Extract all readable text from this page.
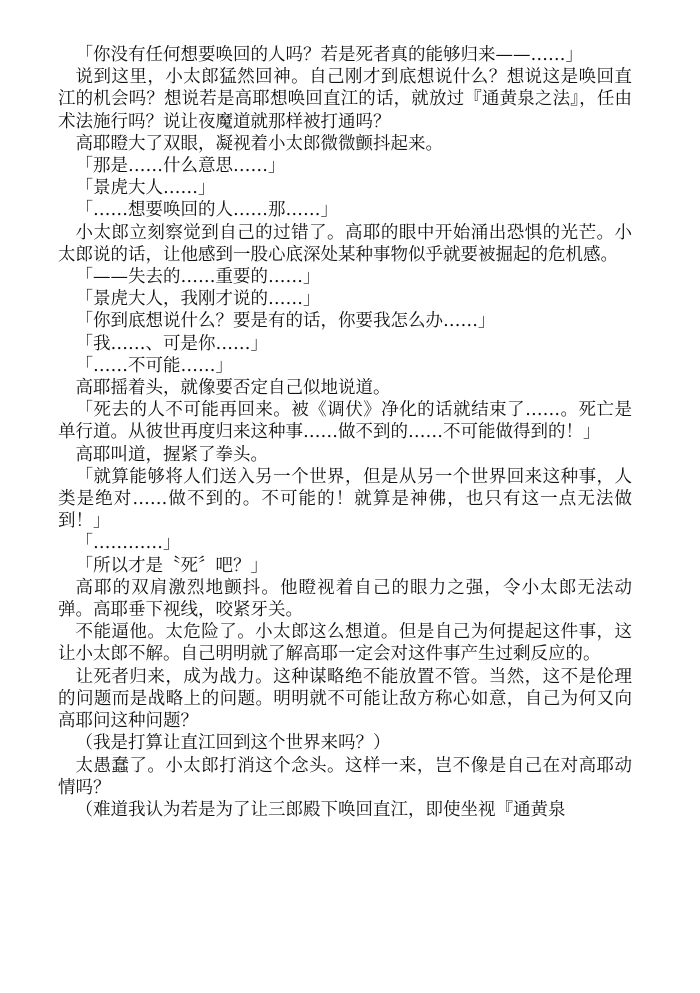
「你没有任何想要唤回的人吗？若是死者真的能够归来——……」

说到这里，小太郎猛然回神。自己刚才到底想说什么？想说这是唤回直江的机会吗？想说若是高耶想唤回直江的话，就放过『通黄泉之法』，任由术法施行吗？说让夜魔道就那样被打通吗？

高耶瞪大了双眼，凝视着小太郎微微颤抖起来。

「那是……什么意思……」

「景虎大人……」

「……想要唤回的人……那……」

小太郎立刻察觉到自己的过错了。高耶的眼中开始涌出恐惧的光芒。小太郎说的话，让他感到一股心底深处某种事物似乎就要被掘起的危机感。

「——失去的……重要的……」

「景虎大人，我刚才说的……」

「你到底想说什么？要是有的话，你要我怎么办……」

「我……、可是你……」

「……不可能……」

高耶摇着头，就像要否定自己似地说道。

「死去的人不可能再回来。被《调伏》净化的话就结束了……。死亡是单行道。从彼世再度归来这种事……做不到的……不可能做得到的！」

高耶叫道，握紧了拳头。

「就算能够将人们送入另一个世界，但是从另一个世界回来这种事，人类是绝对……做不到的。不可能的！就算是神佛，也只有这一点无法做到！」

「…………」

「所以才是〝死〞吧？」

高耶的双肩激烈地颤抖。他瞪视着自己的眼力之强，令小太郎无法动弹。高耶垂下视线，咬紧牙关。

不能逼他。太危险了。小太郎这么想道。但是自己为何提起这件事，这让小太郎不解。自己明明就了解高耶一定会对这件事产生过剩反应的。

让死者归来，成为战力。这种谋略绝不能放置不管。当然，这不是伦理的问题而是战略上的问题。明明就不可能让敌方称心如意，自己为何又向高耶问这种问题？

（我是打算让直江回到这个世界来吗？）

太愚蠢了。小太郎打消这个念头。这样一来，岂不像是自己在对高耶动情吗？

（难道我认为若是为了让三郎殿下唤回直江，即使坐视『通黄泉
